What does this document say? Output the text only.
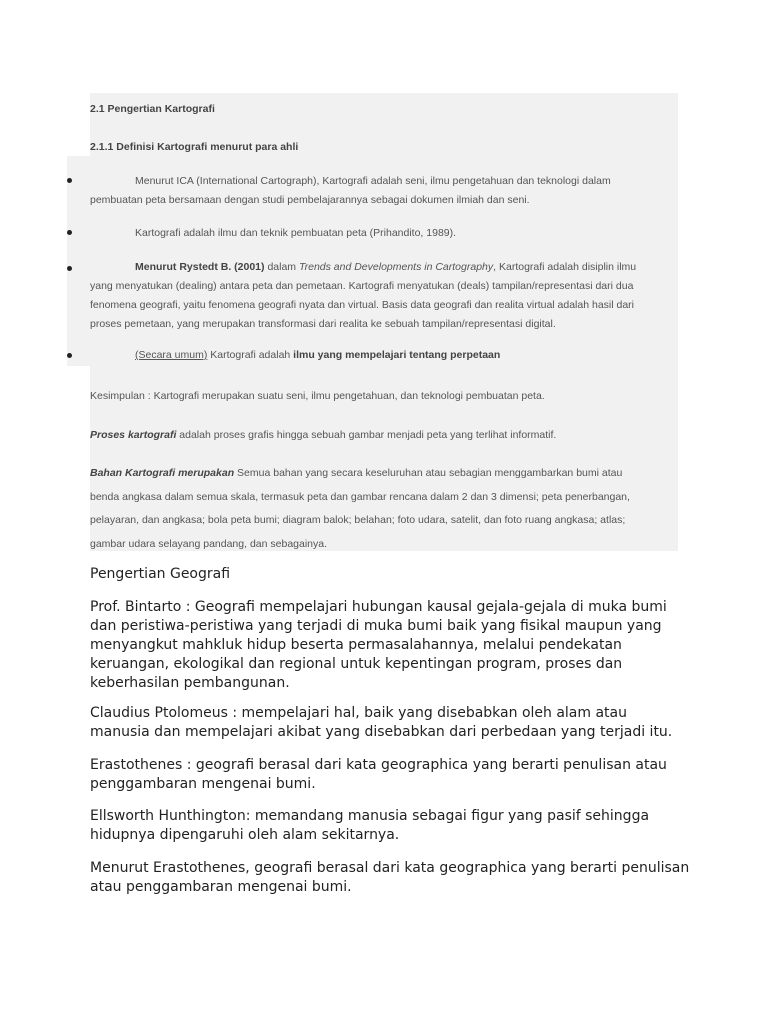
2.1 Pengertian Kartografi
2.1.1 Definisi Kartografi menurut para ahli
Menurut ICA (International Cartograph), Kartografi adalah seni, ilmu pengetahuan dan teknologi dalam
pembuatan peta bersamaan dengan studi pembelajarannya sebagai dokumen ilmiah dan seni.
Kartografi adalah ilmu dan teknik pembuatan peta (Prihandito, 1989).
Menurut Rystedt B. (2001) dalam Trends and Developments in Cartography, Kartografi adalah disiplin ilmu
yang menyatukan (dealing) antara peta dan pemetaan. Kartografi menyatukan (deals) tampilan/representasi dari dua
fenomena geografi, yaitu fenomena geografi nyata dan virtual. Basis data geografi dan realita virtual adalah hasil dari
proses pemetaan, yang merupakan transformasi dari realita ke sebuah tampilan/representasi digital.
(Secara umum) Kartografi adalah ilmu yang mempelajari tentang perpetaan
Kesimpulan : Kartografi merupakan suatu seni, ilmu pengetahuan, dan teknologi pembuatan peta.
Proses kartografi adalah proses grafis hingga sebuah gambar menjadi peta yang terlihat informatif.
Bahan Kartografi merupakan Semua bahan yang secara keseluruhan atau sebagian menggambarkan bumi atau
benda angkasa dalam semua skala, termasuk peta dan gambar rencana dalam 2 dan 3 dimensi; peta penerbangan,
pelayaran, dan angkasa; bola peta bumi; diagram balok; belahan; foto udara, satelit, dan foto ruang angkasa; atlas;
gambar udara selayang pandang, dan sebagainya.
Pengertian Geografi
Prof. Bintarto : Geografi mempelajari hubungan kausal gejala-gejala di muka bumi dan peristiwa-peristiwa yang terjadi di muka bumi baik yang fisikal maupun yang menyangkut mahkluk hidup beserta permasalahannya, melalui pendekatan keruangan, ekologikal dan regional untuk kepentingan program, proses dan keberhasilan pembangunan.
Claudius Ptolomeus : mempelajari hal, baik yang disebabkan oleh alam atau manusia dan mempelajari akibat yang disebabkan dari perbedaan yang terjadi itu.
Erastothenes : geografi berasal dari kata geographica yang berarti penulisan atau penggambaran mengenai bumi.
Ellsworth Hunthington: memandang manusia sebagai figur yang pasif sehingga hidupnya dipengaruhi oleh alam sekitarnya.
Menurut Erastothenes, geografi berasal dari kata geographica yang berarti penulisan atau penggambaran mengenai bumi.
